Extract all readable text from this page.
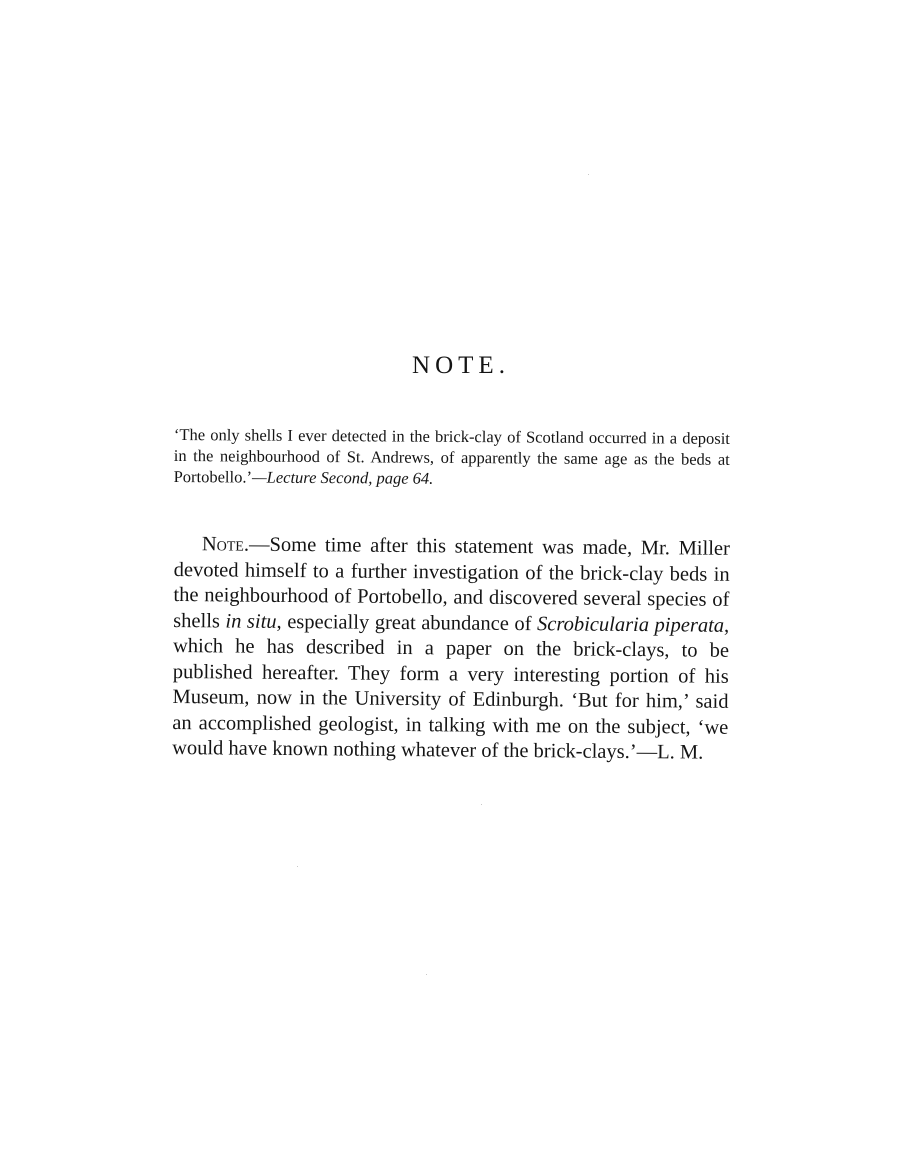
NOTE.

‘The only shells I ever detected in the brick-clay of Scotland occurred in a deposit in the neighbourhood of St. Andrews, of apparently the same age as the beds at Portobello.’—Lecture Second, page 64.

Note.—Some time after this statement was made, Mr. Miller devoted himself to a further investigation of the brick-clay beds in the neighbourhood of Portobello, and discovered several species of shells in situ, especially great abundance of Scrobicularia piperata, which he has described in a paper on the brick-clays, to be published hereafter. They form a very interesting portion of his Museum, now in the University of Edinburgh. ‘But for him,’ said an accomplished geologist, in talking with me on the subject, ‘we would have known nothing whatever of the brick-clays.’—L. M.
